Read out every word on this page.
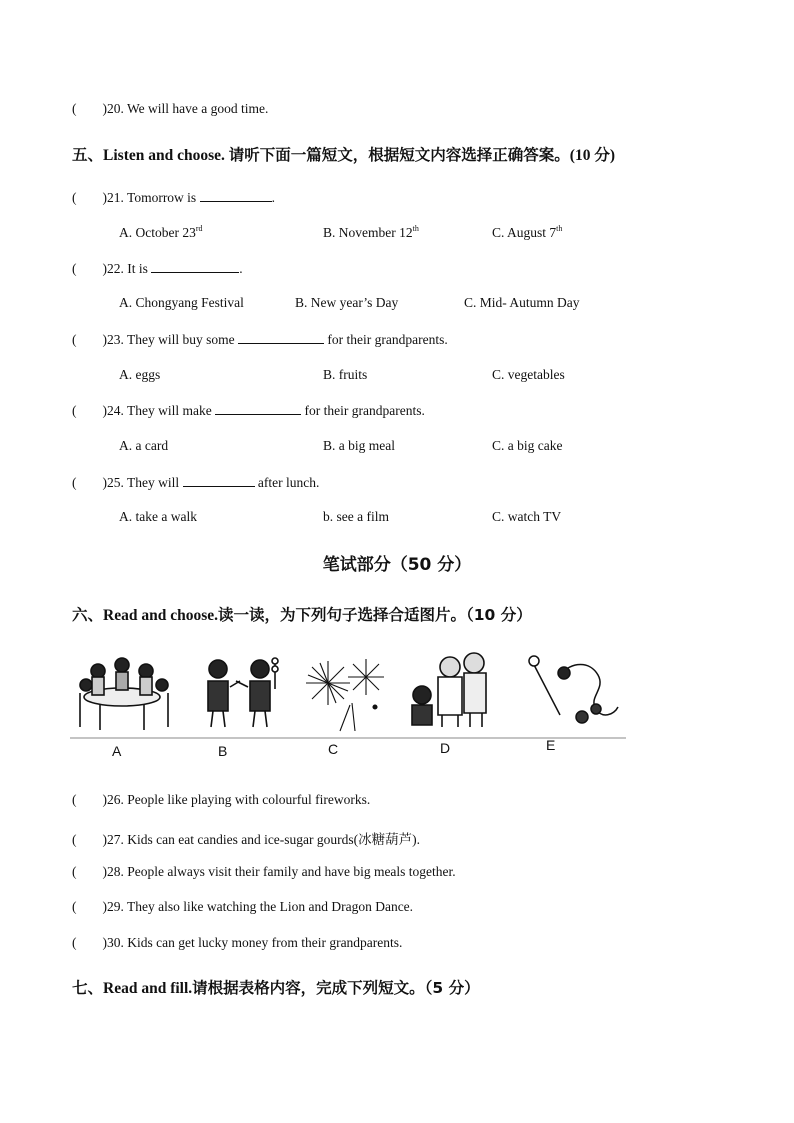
( )20. We will have a good time.
五、Listen and choose. 请听下面一篇短文，根据短文内容选择正确答案。(10 分)
( )21. Tomorrow is	.
A. October 23rd	B. November 12th	C. August 7th
( )22. It is	.
A. Chongyang Festival	B. New year’s Day	C. Mid- Autumn Day
( )23. They will buy some	for their grandparents.
A. eggs	B. fruits	C. vegetables
( )24. They will make	for their grandparents.
A. a card	B. a big meal	C. a big cake
( )25. They will	after lunch.
A. take a walk	b. see a film	C. watch TV
笔试部分（50 分）
六、Read and choose.读一读，为下列句子选择合适图片。（10 分）
A	B	C	D	E
( )26. People like playing with colourful fireworks.
( )27. Kids can eat candies and ice-sugar gourds(冰糖葫芦).
( )28. People always visit their family and have big meals together.
( )29. They also like watching the Lion and Dragon Dance.
( )30. Kids can get lucky money from their grandparents.
七、Read and fill.请根据表格内容，完成下列短文。（5 分）
